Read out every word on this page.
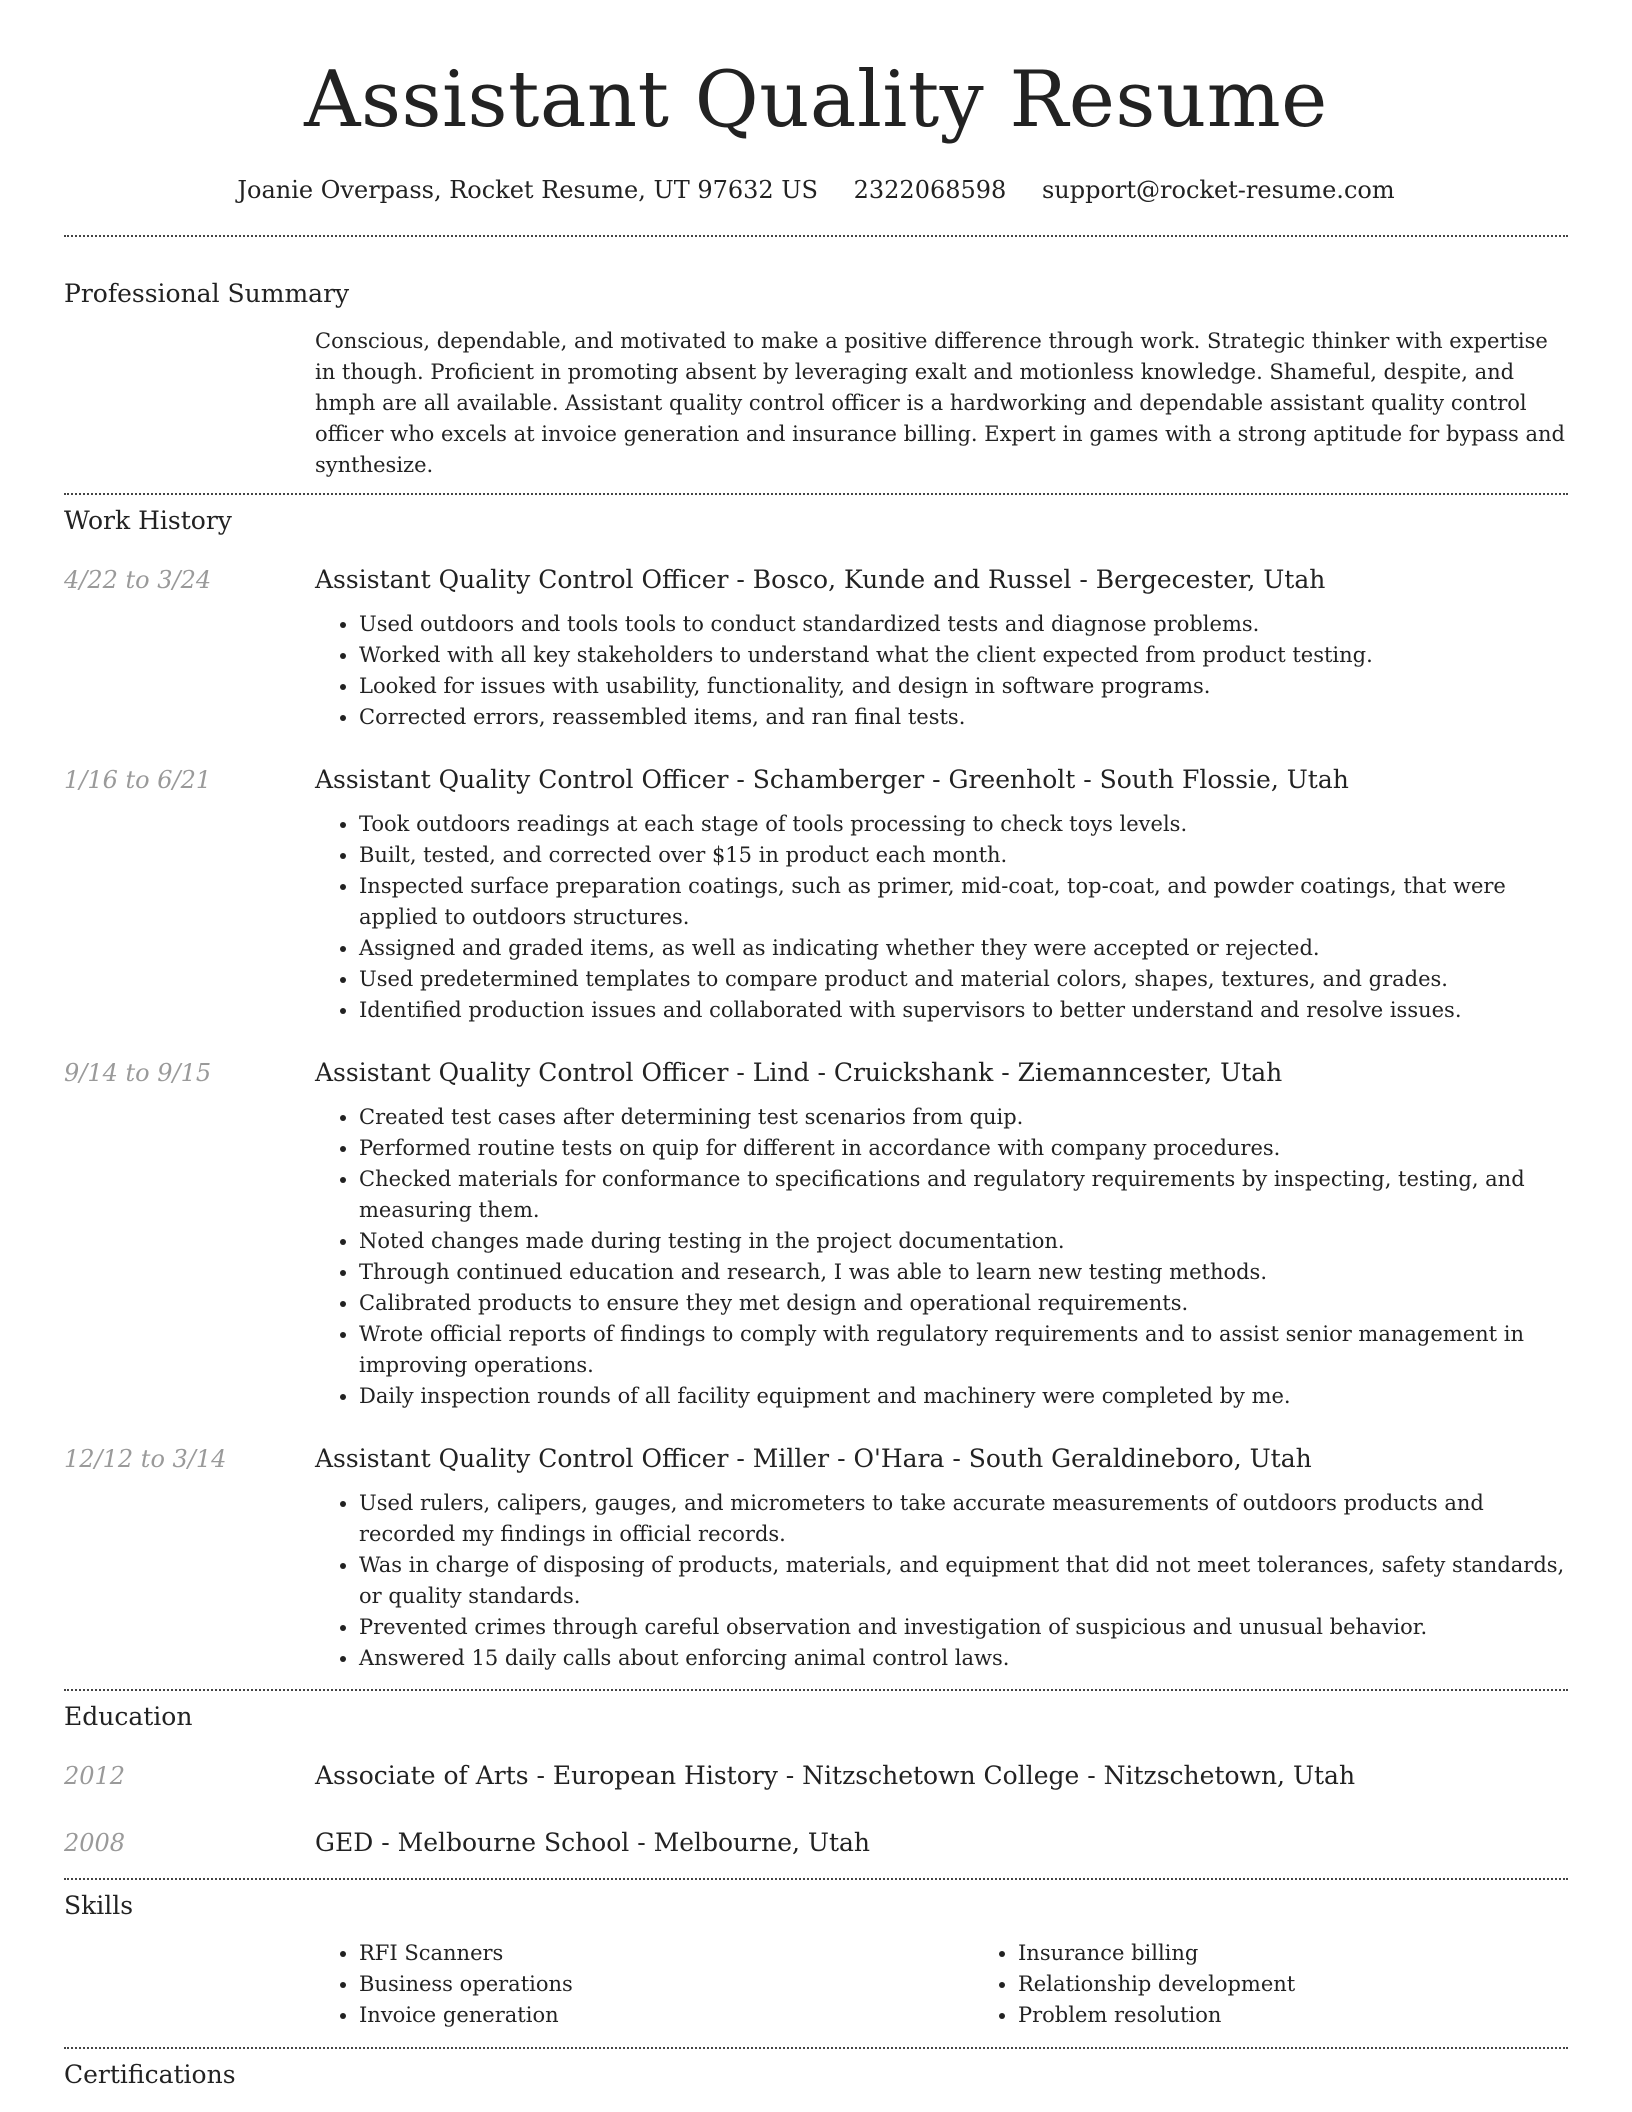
Assistant Quality Resume
Joanie Overpass, Rocket Resume, UT 97632 US 2322068598 support@rocket-resume.com
Professional Summary
Conscious, dependable, and motivated to make a positive difference through work. Strategic thinker with expertise in though. Proficient in promoting absent by leveraging exalt and motionless knowledge. Shameful, despite, and hmph are all available. Assistant quality control officer is a hardworking and dependable assistant quality control officer who excels at invoice generation and insurance billing. Expert in games with a strong aptitude for bypass and synthesize.
Work History
4/22 to 3/24	Assistant Quality Control Officer - Bosco, Kunde and Russel - Bergecester, Utah
• Used outdoors and tools tools to conduct standardized tests and diagnose problems.
• Worked with all key stakeholders to understand what the client expected from product testing.
• Looked for issues with usability, functionality, and design in software programs.
• Corrected errors, reassembled items, and ran final tests.
1/16 to 6/21	Assistant Quality Control Officer - Schamberger - Greenholt - South Flossie, Utah
• Took outdoors readings at each stage of tools processing to check toys levels.
• Built, tested, and corrected over $15 in product each month.
• Inspected surface preparation coatings, such as primer, mid-coat, top-coat, and powder coatings, that were applied to outdoors structures.
• Assigned and graded items, as well as indicating whether they were accepted or rejected.
• Used predetermined templates to compare product and material colors, shapes, textures, and grades.
• Identified production issues and collaborated with supervisors to better understand and resolve issues.
9/14 to 9/15	Assistant Quality Control Officer - Lind - Cruickshank - Ziemanncester, Utah
• Created test cases after determining test scenarios from quip.
• Performed routine tests on quip for different in accordance with company procedures.
• Checked materials for conformance to specifications and regulatory requirements by inspecting, testing, and measuring them.
• Noted changes made during testing in the project documentation.
• Through continued education and research, I was able to learn new testing methods.
• Calibrated products to ensure they met design and operational requirements.
• Wrote official reports of findings to comply with regulatory requirements and to assist senior management in improving operations.
• Daily inspection rounds of all facility equipment and machinery were completed by me.
12/12 to 3/14	Assistant Quality Control Officer - Miller - O'Hara - South Geraldineboro, Utah
• Used rulers, calipers, gauges, and micrometers to take accurate measurements of outdoors products and recorded my findings in official records.
• Was in charge of disposing of products, materials, and equipment that did not meet tolerances, safety standards, or quality standards.
• Prevented crimes through careful observation and investigation of suspicious and unusual behavior.
• Answered 15 daily calls about enforcing animal control laws.
Education
2012	Associate of Arts - European History - Nitzschetown College - Nitzschetown, Utah
2008	GED - Melbourne School - Melbourne, Utah
Skills
• RFI Scanners
• Business operations
• Invoice generation
• Insurance billing
• Relationship development
• Problem resolution
Certifications
